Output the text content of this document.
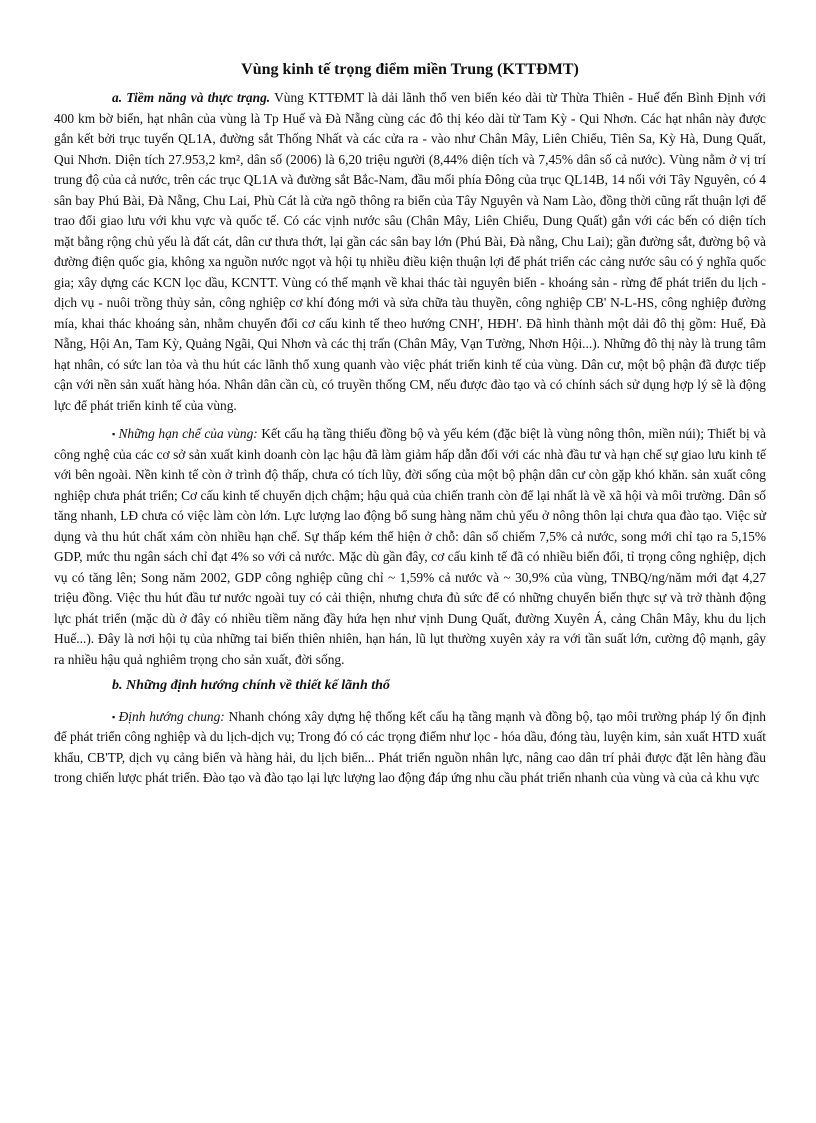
Vùng kinh tế trọng điểm miền Trung (KTTĐMT)

a. Tiềm năng và thực trạng. Vùng KTTĐMT là dải lãnh thổ ven biển kéo dài từ Thừa Thiên - Huế đến Bình Định với 400 km bờ biển, hạt nhân của vùng là Tp Huế và Đà Nẵng cùng các đô thị kéo dài từ Tam Kỳ - Qui Nhơn. Các hạt nhân này được gắn kết bởi trục tuyến QL1A, đường sắt Thống Nhất và các cửa ra - vào như Chân Mây, Liên Chiểu, Tiên Sa, Kỳ Hà, Dung Quất, Qui Nhơn. Diện tích 27.953,2 km², dân số (2006) là 6,20 triệu người (8,44% diện tích và 7,45% dân số cả nước). Vùng nằm ở vị trí trung độ của cả nước, trên các trục QL1A và đường sắt Bắc-Nam, đầu mối phía Đông của trục QL14B, 14 nối với Tây Nguyên, có 4 sân bay Phú Bài, Đà Nẵng, Chu Lai, Phù Cát là cửa ngõ thông ra biển của Tây Nguyên và Nam Lào, đồng thời cũng rất thuận lợi để trao đổi giao lưu với khu vực và quốc tế. Có các vịnh nước sâu (Chân Mây, Liên Chiểu, Dung Quất) gắn với các bến có diện tích mặt bằng rộng chủ yếu là đất cát, dân cư thưa thớt, lại gần các sân bay lớn (Phú Bài, Đà nẵng, Chu Lai); gần đường sắt, đường bộ và đường điện quốc gia, không xa nguồn nước ngọt và hội tụ nhiều điều kiện thuận lợi để phát triển các cảng nước sâu có ý nghĩa quốc gia; xây dựng các KCN lọc dầu, KCNTT. Vùng có thế mạnh về khai thác tài nguyên biển - khoáng sản - rừng để phát triển du lịch - dịch vụ - nuôi trồng thủy sản, công nghiệp cơ khí đóng mới và sửa chữa tàu thuyền, công nghiệp CB' N-L-HS, công nghiệp đường mía, khai thác khoáng sản, nhằm chuyển đổi cơ cấu kinh tế theo hướng CNH', HĐH'. Đã hình thành một dải đô thị gồm: Huế, Đà Nẵng, Hội An, Tam Kỳ, Quảng Ngãi, Qui Nhơn và các thị trấn (Chân Mây, Vạn Tường, Nhơn Hội...). Những đô thị này là trung tâm hạt nhân, có sức lan tỏa và thu hút các lãnh thổ xung quanh vào việc phát triển kinh tế của vùng. Dân cư, một bộ phận đã được tiếp cận với nền sản xuất hàng hóa. Nhân dân cần cù, có truyền thống CM, nếu được đào tạo và có chính sách sử dụng hợp lý sẽ là động lực để phát triển kinh tế của vùng.

▪ Những hạn chế của vùng: Kết cấu hạ tầng thiếu đồng bộ và yếu kém (đặc biệt là vùng nông thôn, miền núi); Thiết bị và công nghệ của các cơ sở sản xuất kinh doanh còn lạc hậu đã làm giảm hấp dẫn đối với các nhà đầu tư và hạn chế sự giao lưu kinh tế với bên ngoài. Nền kinh tế còn ở trình độ thấp, chưa có tích lũy, đời sống của một bộ phận dân cư còn gặp khó khăn. sản xuất công nghiệp chưa phát triển; Cơ cấu kinh tế chuyển dịch chậm; hậu quả của chiến tranh còn để lại nhất là về xã hội và môi trường. Dân số tăng nhanh, LĐ chưa có việc làm còn lớn. Lực lượng lao động bổ sung hàng năm chủ yếu ở nông thôn lại chưa qua đào tạo. Việc sử dụng và thu hút chất xám còn nhiều hạn chế. Sự thấp kém thể hiện ở chỗ: dân số chiếm 7,5% cả nước, song mới chỉ tạo ra 5,15% GDP, mức thu ngân sách chỉ đạt 4% so với cả nước. Mặc dù gần đây, cơ cấu kinh tế đã có nhiều biến đổi, tỉ trọng công nghiệp, dịch vụ có tăng lên; Song năm 2002, GDP công nghiệp cũng chỉ ~ 1,59% cả nước và ~ 30,9% của vùng, TNBQ/ng/năm mới đạt 4,27 triệu đồng. Việc thu hút đầu tư nước ngoài tuy có cải thiện, nhưng chưa đủ sức để có những chuyển biến thực sự và trở thành động lực phát triển (mặc dù ở đây có nhiều tiềm năng đầy hứa hẹn như vịnh Dung Quất, đường Xuyên Á, cảng Chân Mây, khu du lịch Huế...). Đây là nơi hội tụ của những tai biến thiên nhiên, hạn hán, lũ lụt thường xuyên xảy ra với tần suất lớn, cường độ mạnh, gây ra nhiều hậu quả nghiêm trọng cho sản xuất, đời sống.

b. Những định hướng chính về thiết kế lãnh thổ

▪ Định hướng chung: Nhanh chóng xây dựng hệ thống kết cấu hạ tầng mạnh và đồng bộ, tạo môi trường pháp lý ổn định để phát triển công nghiệp và du lịch-dịch vụ; Trong đó có các trọng điểm như lọc - hóa dầu, đóng tàu, luyện kim, sản xuất HTD xuất khẩu, CB'TP, dịch vụ cảng biển và hàng hải, du lịch biển... Phát triển nguồn nhân lực, nâng cao dân trí phải được đặt lên hàng đầu trong chiến lược phát triển. Đào tạo và đào tạo lại lực lượng lao động đáp ứng nhu cầu phát triển nhanh của vùng và của cả khu vực
